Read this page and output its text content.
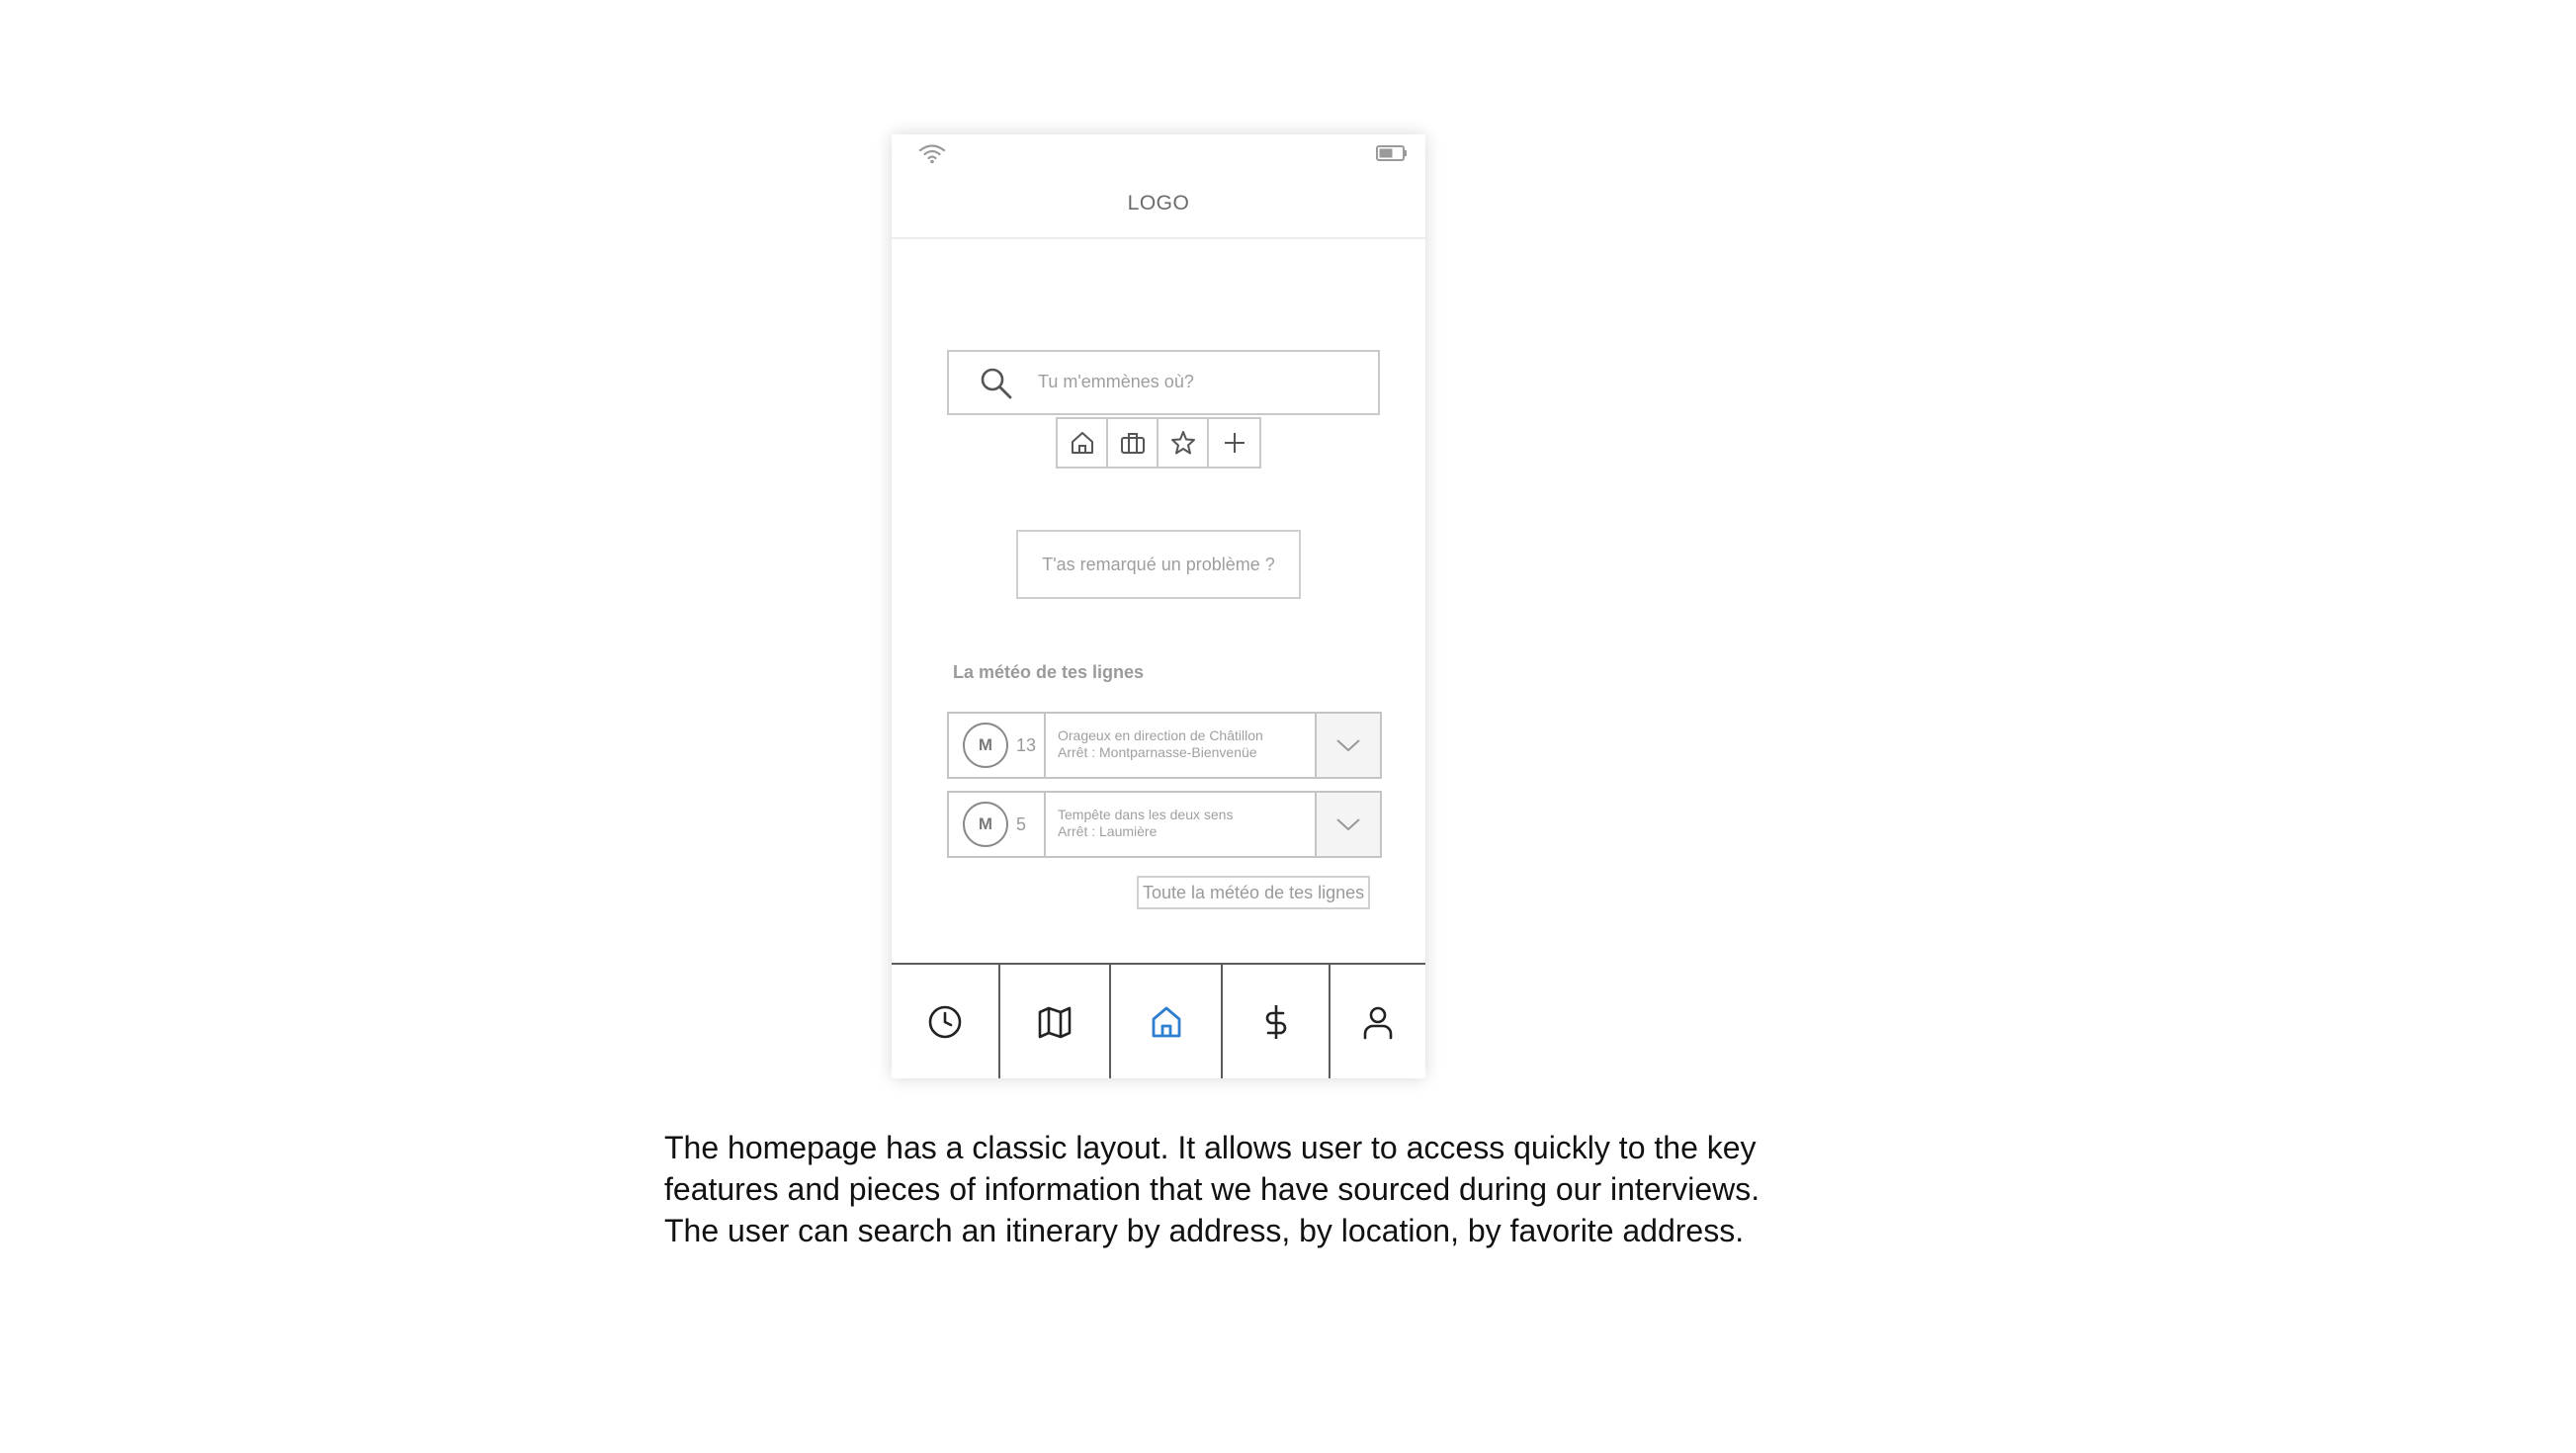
LOGO
Tu m'emmènes où?
T'as remarqué un problème ?
La météo de tes lignes
M	13 Orageux en direction de Châtillon
Arrêt : Montparnasse-Bienvenüe
M	5 Tempête dans les deux sens
Arrêt : Laumière
Toute la météo de tes lignes
The homepage has a classic layout. It allows user to access quickly to the key features and pieces of information that we have sourced during our interviews. The user can search an itinerary by address, by location, by favorite address.
